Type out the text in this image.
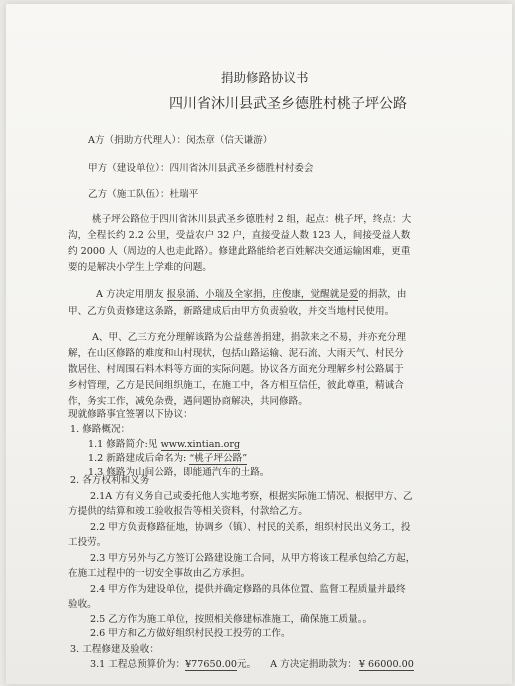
捐助修路协议书
四川省沐川县武圣乡德胜村桃子坪公路
A方（捐助方代理人）：闵杰章（信天谦游）
甲方（建设单位）：四川省沐川县武圣乡德胜村村委会
乙方（施工队伍）：杜瑞平
桃子坪公路位于四川省沐川县武圣乡德胜村 2 组，起点：桃子坪，终点：大
沟，全程长约 2.2 公里，受益农户 32 户，直接受益人数 123 人，间接受益人数
约 2000 人（周边的人也走此路）。修建此路能给老百姓解决交通运输困难，更重
要的是解决小学生上学难的问题。
A 方决定用朋友 报泉涌、小瑞及全家捐，庄俊康，觉醒就是爱的捐款，由
甲、乙方负责修建这条路，新路建成后由甲方负责验收，并交当地村民使用。
A、甲、乙三方充分理解该路为公益慈善捐建，捐款来之不易，并亦充分理
解，在山区修路的难度和山村现状，包括山路运输、泥石流、大雨天气、村民分
散居住、村周围石料木料等方面的实际问题。协议各方面充分理解乡村公路属于
乡村管理，乙方是民间组织施工，在施工中，各方相互信任，彼此尊重，精诚合
作，务实工作，减免杂费，遇问题协商解决，共同修路。
现就修路事宜签署以下协议：
1. 修路概况：
1.1 修路简介:见 www.xintian.org
1.2 新路建成后命名为: “桃子坪公路”
1.3 修路为山间公路，即能通汽车的土路。
2. 各方权利和义务
2.1A 方有义务自己或委托他人实地考察，根据实际施工情况、根据甲方、乙
方提供的结算和竣工验收报告等相关资料，付款给乙方。
2.2 甲方负责修路征地，协调乡（镇）、村民的关系，组织村民出义务工，投
工投劳。
2.3 甲方另外与乙方签订公路建设施工合同，从甲方将该工程承包给乙方起，
在施工过程中的一切安全事故由乙方承担。
2.4 甲方作为建设单位，提供并确定修路的具体位置、监督工程质量并最终
验收。
2.5 乙方作为施工单位，按照相关修建标准施工，确保施工质量。。
2.6 甲方和乙方做好组织村民投工投劳的工作。
3. 工程修建及验收：
3.1 工程总预算价为：¥77650.00元。 A 方决定捐助款为： ¥ 66000.00
